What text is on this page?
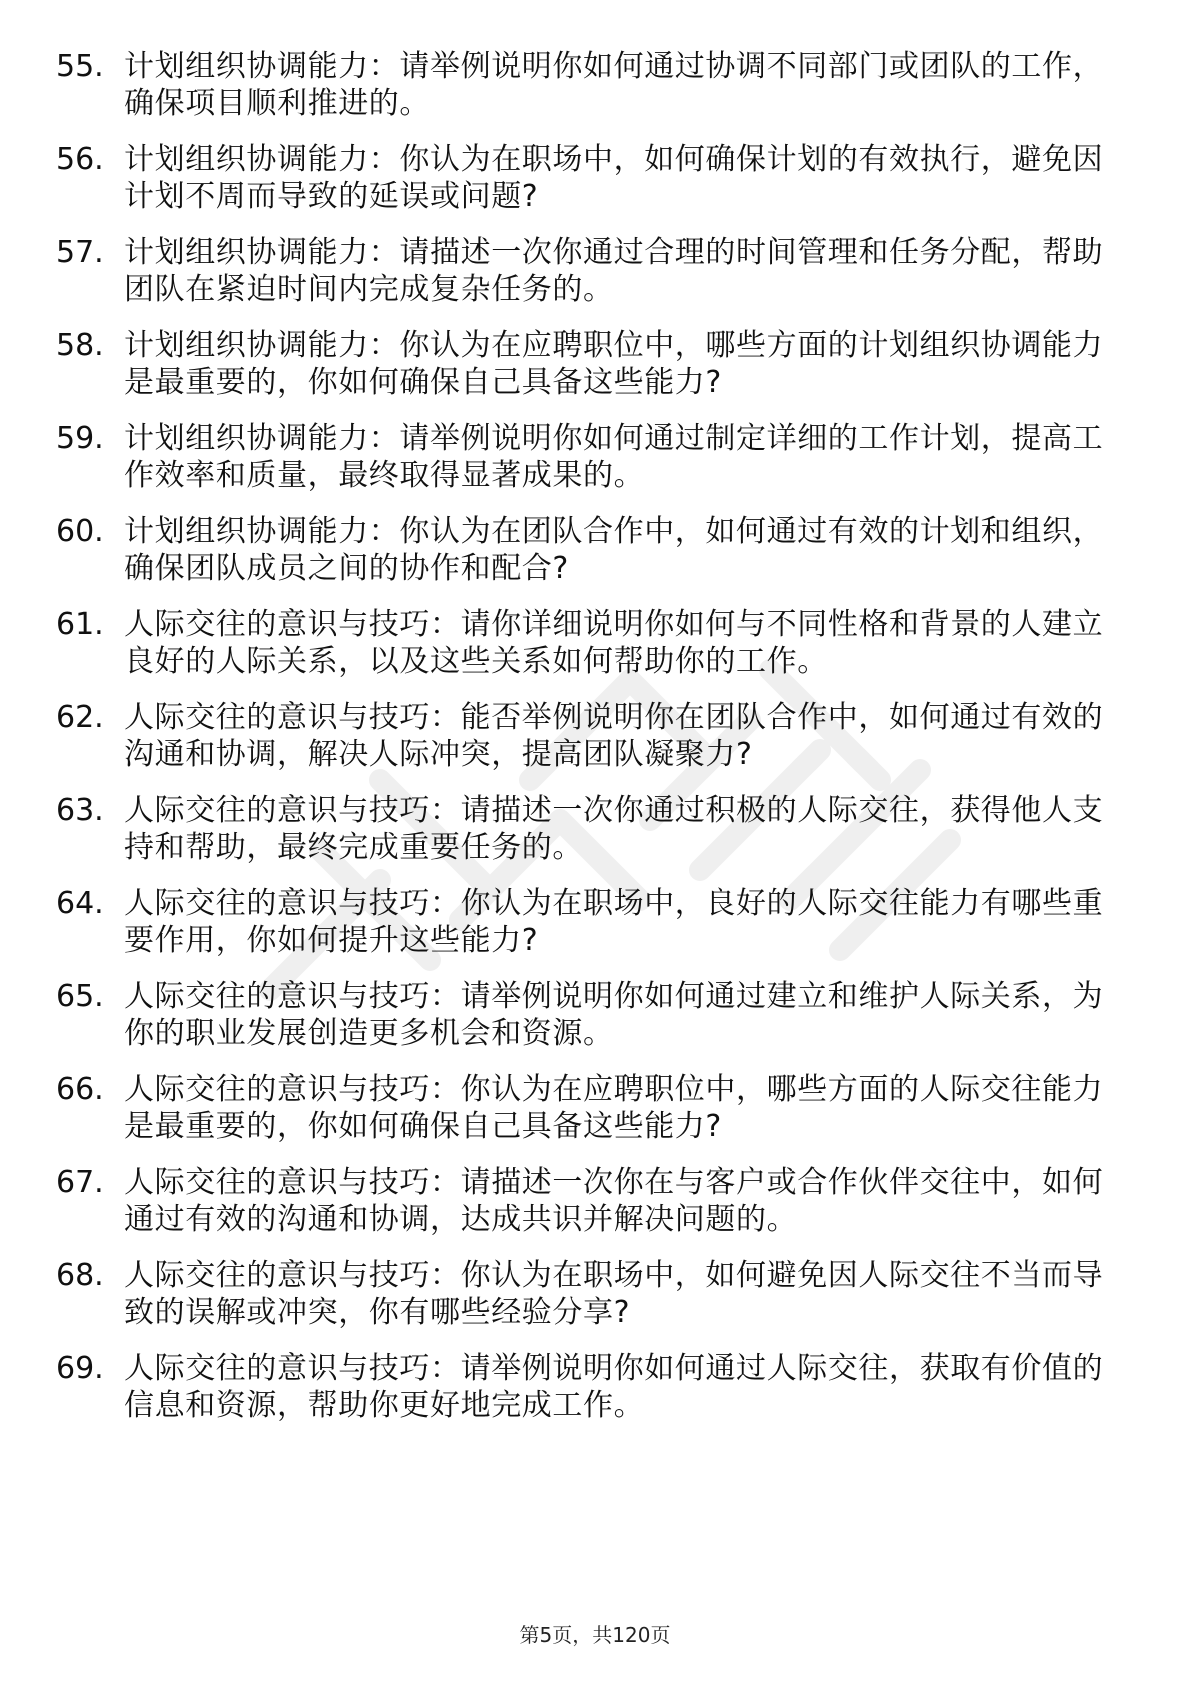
55. 计划组织协调能力：请举例说明你如何通过协调不同部门或团队的工作，确保项目顺利推进的。
56. 计划组织协调能力：你认为在职场中，如何确保计划的有效执行，避免因计划不周而导致的延误或问题?
57. 计划组织协调能力：请描述一次你通过合理的时间管理和任务分配，帮助团队在紧迫时间内完成复杂任务的。
58. 计划组织协调能力：你认为在应聘职位中，哪些方面的计划组织协调能力是最重要的，你如何确保自己具备这些能力?
59. 计划组织协调能力：请举例说明你如何通过制定详细的工作计划，提高工作效率和质量，最终取得显著成果的。
60. 计划组织协调能力：你认为在团队合作中，如何通过有效的计划和组织，确保团队成员之间的协作和配合?
61. 人际交往的意识与技巧：请你详细说明你如何与不同性格和背景的人建立良好的人际关系，以及这些关系如何帮助你的工作。
62. 人际交往的意识与技巧：能否举例说明你在团队合作中，如何通过有效的沟通和协调，解决人际冲突，提高团队凝聚力?
63. 人际交往的意识与技巧：请描述一次你通过积极的人际交往，获得他人支持和帮助，最终完成重要任务的。
64. 人际交往的意识与技巧：你认为在职场中，良好的人际交往能力有哪些重要作用，你如何提升这些能力?
65. 人际交往的意识与技巧：请举例说明你如何通过建立和维护人际关系，为你的职业发展创造更多机会和资源。
66. 人际交往的意识与技巧：你认为在应聘职位中，哪些方面的人际交往能力是最重要的，你如何确保自己具备这些能力?
67. 人际交往的意识与技巧：请描述一次你在与客户或合作伙伴交往中，如何通过有效的沟通和协调，达成共识并解决问题的。
68. 人际交往的意识与技巧：你认为在职场中，如何避免因人际交往不当而导致的误解或冲突，你有哪些经验分享?
69. 人际交往的意识与技巧：请举例说明你如何通过人际交往，获取有价值的信息和资源，帮助你更好地完成工作。
第5页，共120页
